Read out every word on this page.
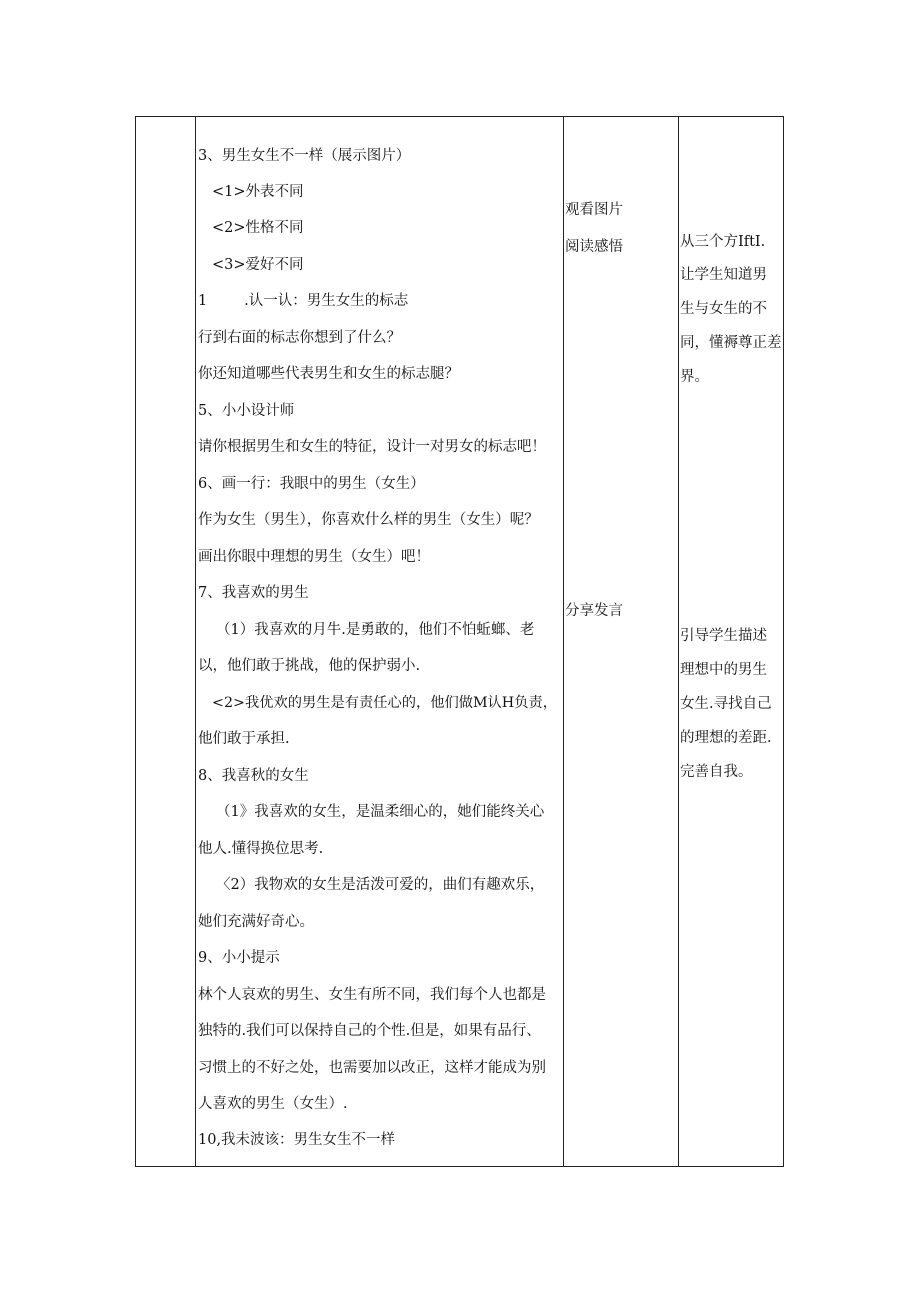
3、男生女生不一样（展示图片）
<1>外表不同
<2>性格不同
<3>爱好不同
1        .认一认：男生女生的标志
行到右面的标志你想到了什么？
你还知道哪些代表男生和女生的标志腿？
5、小小设计师
请你根据男生和女生的特征，设计一对男女的标志吧！
6、画一行：我眼中的男生（女生）
作为女生（男生），你喜欢什么样的男生（女生）呢？
画出你眼中理想的男生（女生）吧！
7、我喜欢的男生
（1）我喜欢的月牛.是勇敢的，他们不怕蚯螂、老
以，他们敢于挑战，他的保护弱小.
<2>我优欢的男生是有责任心的，他们做M认H负责，
他们敢于承担.
8、我喜秋的女生
（1》我喜欢的女生，是温柔细心的，她们能终关心
他人.懂得换位思考.
〈2）我物欢的女生是活泼可爱的，曲们有趣欢乐，
她们充满好奇心。
9、小小提示
林个人哀欢的男生、女生有所不同，我们每个人也都是
独特的.我们可以保持自己的个性.但是，如果有品行、
习惯上的不好之处，也需要加以改正，这样才能成为别
人喜欢的男生（女生）.
10,我未波该：男生女生不一样
观看图片
阅读感悟
分享发言
从三个方IftI.
让学生知道男
生与女生的不
同，懂褥尊正差
界。
引导学生描述
理想中的男生
女生.寻找自己
的理想的差距.
完善自我。
